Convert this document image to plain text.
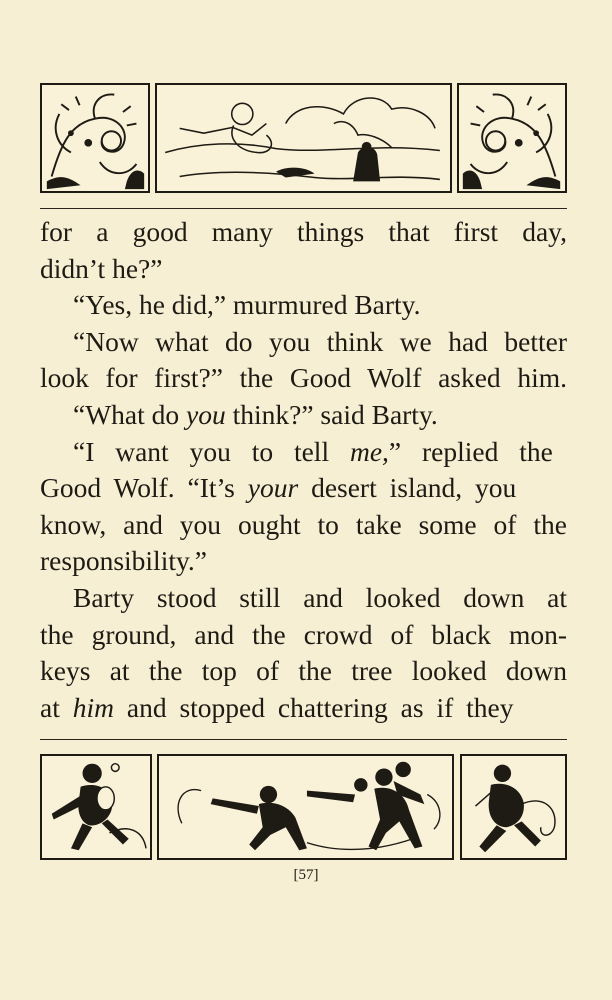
for a good many things that first day,
didn’t he?”
“Yes, he did,” murmured Barty.
“Now what do you think we had better
look for first?” the Good Wolf asked him.
“What do you think?” said Barty.
“I want you to tell me,” replied the
Good Wolf. “It’s your desert island, you
know, and you ought to take some of the
responsibility.”
Barty stood still and looked down at
the ground, and the crowd of black mon-
keys at the top of the tree looked down
at him and stopped chattering as if they
[57]
